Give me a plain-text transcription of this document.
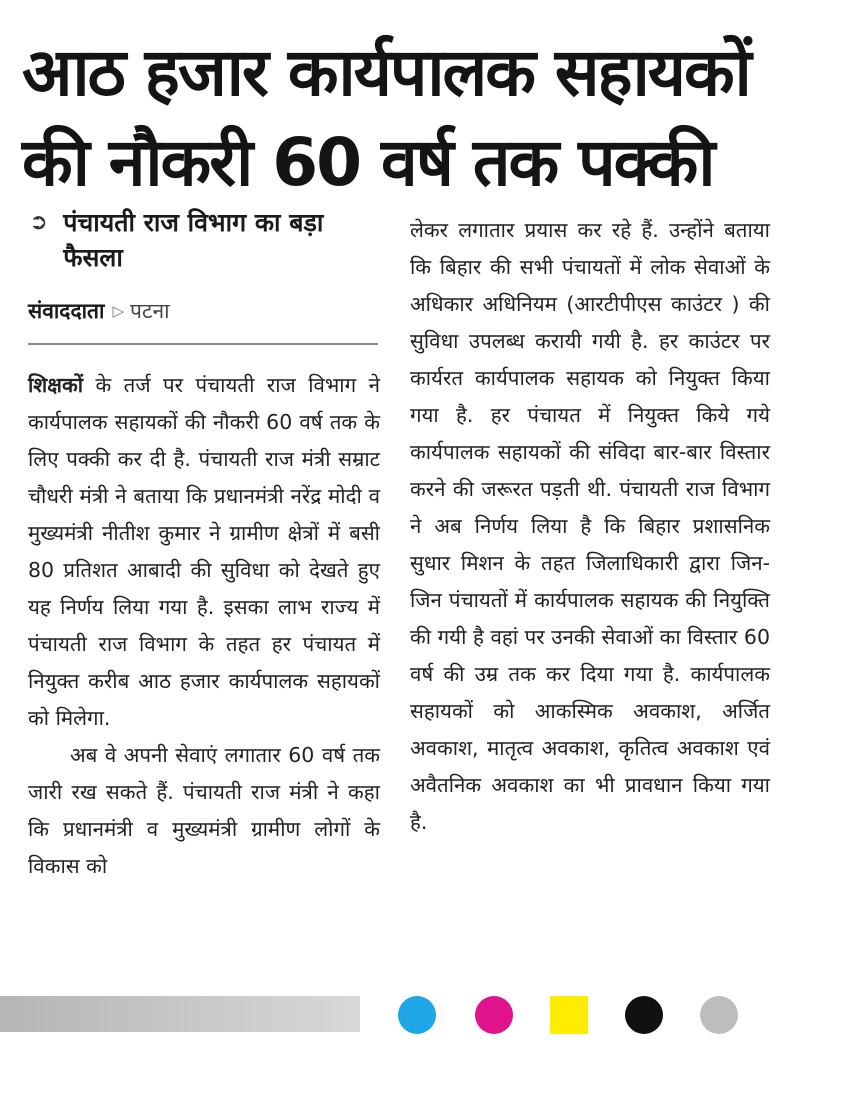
आठ हजार कार्यपालक सहायकों
की नौकरी 60 वर्ष तक पक्की
➲ पंचायती राज विभाग का बड़ा फैसला
संवाददाता ▷ पटना

शिक्षकों के तर्ज पर पंचायती राज विभाग ने कार्यपालक सहायकों की नौकरी 60 वर्ष तक के लिए पक्की कर दी है. पंचायती राज मंत्री सम्राट चौधरी मंत्री ने बताया कि प्रधानमंत्री नरेंद्र मोदी व मुख्यमंत्री नीतीश कुमार ने ग्रामीण क्षेत्रों में बसी 80 प्रतिशत आबादी की सुविधा को देखते हुए यह निर्णय लिया गया है. इसका लाभ राज्य में पंचायती राज विभाग के तहत हर पंचायत में नियुक्त करीब आठ हजार कार्यपालक सहायकों को मिलेगा.

अब वे अपनी सेवाएं लगातार 60 वर्ष तक जारी रख सकते हैं. पंचायती राज मंत्री ने कहा कि प्रधानमंत्री व मुख्यमंत्री ग्रामीण लोगों के विकास को

लेकर लगातार प्रयास कर रहे हैं. उन्होंने बताया कि बिहार की सभी पंचायतों में लोक सेवाओं के अधिकार अधिनियम (आरटीपीएस काउंटर ) की सुविधा उपलब्ध करायी गयी है. हर काउंटर पर कार्यरत कार्यपालक सहायक को नियुक्त किया गया है. हर पंचायत में नियुक्त किये गये कार्यपालक सहायकों की संविदा बार-बार विस्तार करने की जरूरत पड़ती थी. पंचायती राज विभाग ने अब निर्णय लिया है कि बिहार प्रशासनिक सुधार मिशन के तहत जिलाधिकारी द्वारा जिन-जिन पंचायतों में कार्यपालक सहायक की नियुक्ति की गयी है वहां पर उनकी सेवाओं का विस्तार 60 वर्ष की उम्र तक कर दिया गया है. कार्यपालक सहायकों को आकस्मिक अवकाश, अर्जित अवकाश, मातृत्व अवकाश, कृतित्व अवकाश एवं अवैतनिक अवकाश का भी प्रावधान किया गया है.
